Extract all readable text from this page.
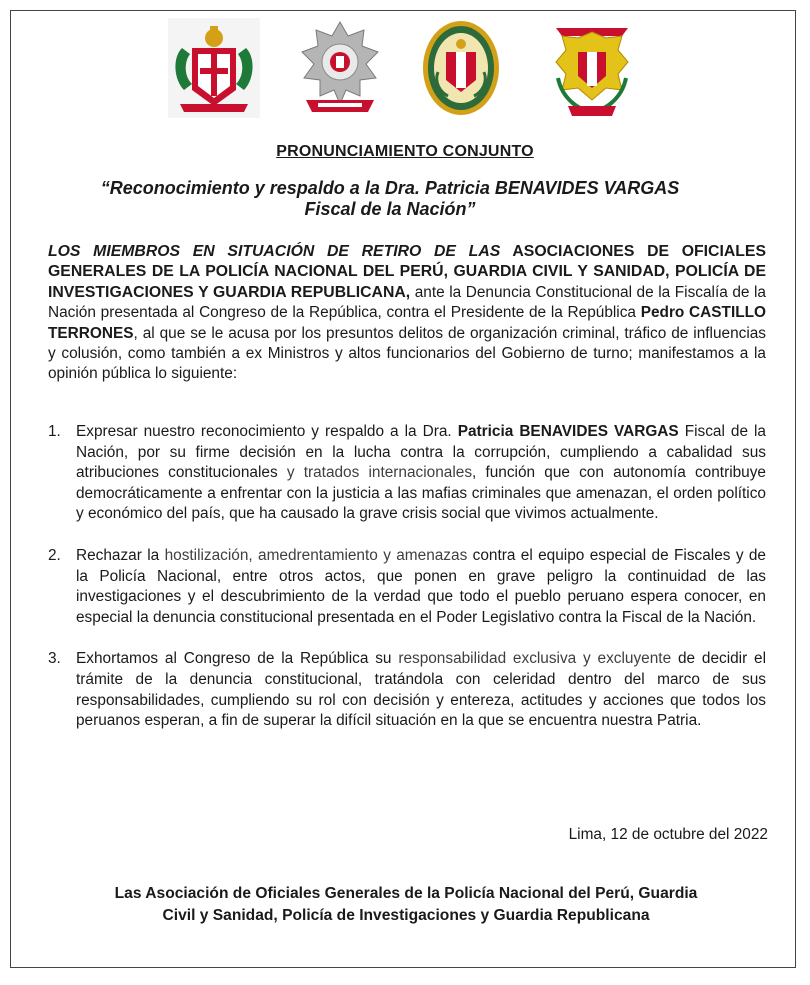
PRONUNCIAMIENTO CONJUNTO
“Reconocimiento y respaldo a la Dra. Patricia BENAVIDES VARGAS
Fiscal de la Nación”
LOS MIEMBROS EN SITUACIÓN DE RETIRO DE LAS ASOCIACIONES DE OFICIALES GENERALES DE LA POLICÍA NACIONAL DEL PERÚ, GUARDIA CIVIL Y SANIDAD, POLICÍA DE INVESTIGACIONES Y GUARDIA REPUBLICANA, ante la Denuncia Constitucional de la Fiscalía de la Nación presentada al Congreso de la República, contra el Presidente de la República Pedro CASTILLO TERRONES, al que se le acusa por los presuntos delitos de organización criminal, tráfico de influencias y colusión, como también a ex Ministros y altos funcionarios del Gobierno de turno; manifestamos a la opinión pública lo siguiente:
1. Expresar nuestro reconocimiento y respaldo a la Dra. Patricia BENAVIDES VARGAS Fiscal de la Nación, por su firme decisión en la lucha contra la corrupción, cumpliendo a cabalidad sus atribuciones constitucionales y tratados internacionales, función que con autonomía contribuye democráticamente a enfrentar con la justicia a las mafias criminales que amenazan, el orden político y económico del país, que ha causado la grave crisis social que vivimos actualmente.
2. Rechazar la hostilización, amedrentamiento y amenazas contra el equipo especial de Fiscales y de la Policía Nacional, entre otros actos, que ponen en grave peligro la continuidad de las investigaciones y el descubrimiento de la verdad que todo el pueblo peruano espera conocer, en especial la denuncia constitucional presentada en el Poder Legislativo contra la Fiscal de la Nación.
3. Exhortamos al Congreso de la República su responsabilidad exclusiva y excluyente de decidir el trámite de la denuncia constitucional, tratándola con celeridad dentro del marco de sus responsabilidades, cumpliendo su rol con decisión y entereza, actitudes y acciones que todos los peruanos esperan, a fin de superar la difícil situación en la que se encuentra nuestra Patria.
Lima, 12 de octubre del 2022
Las Asociación de Oficiales Generales de la Policía Nacional del Perú, Guardia
Civil y Sanidad, Policía de Investigaciones y Guardia Republicana
